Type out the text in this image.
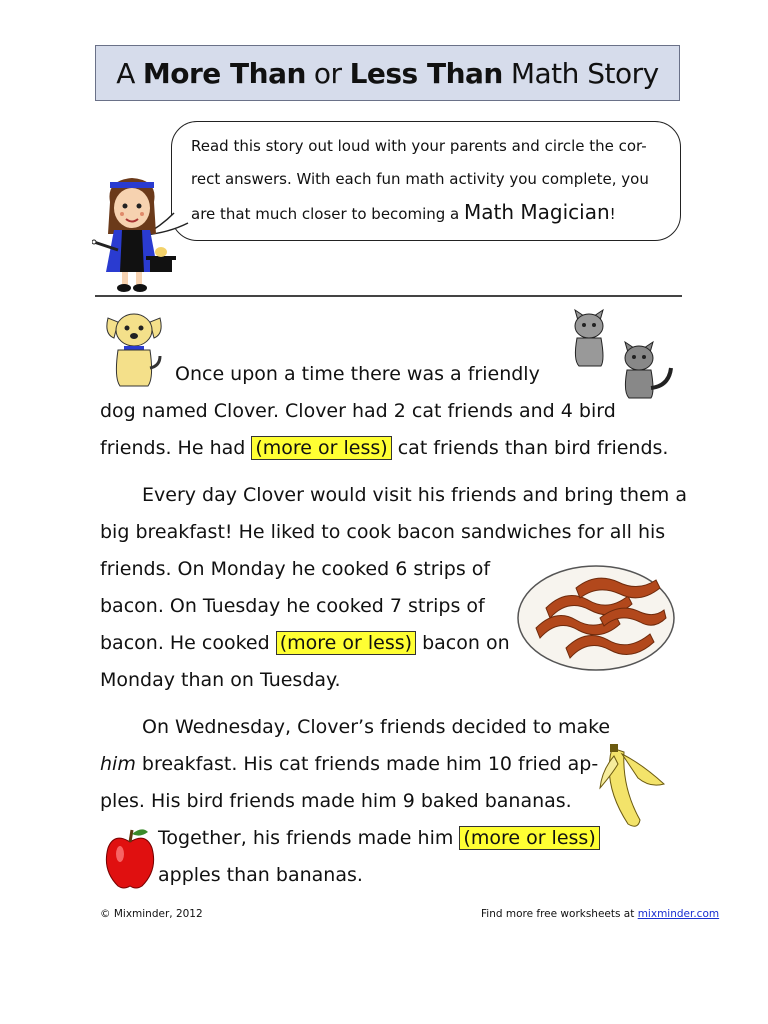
A More Than or Less Than Math Story
Read this story out loud with your parents and circle the cor-
rect answers. With each fun math activity you complete, you
are that much closer to becoming a Math Magician!
Once upon a time there was a friendly
dog named Clover. Clover had 2 cat friends and 4 bird
friends. He had (more or less) cat friends than bird friends.
Every day Clover would visit his friends and bring them a
big breakfast! He liked to cook bacon sandwiches for all his
friends. On Monday he cooked 6 strips of
bacon. On Tuesday he cooked 7 strips of
bacon. He cooked (more or less) bacon on
Monday than on Tuesday.
On Wednesday, Clover’s friends decided to make
him breakfast. His cat friends made him 10 fried ap-
ples. His bird friends made him 9 baked bananas.
Together, his friends made him (more or less)
apples than bananas.
© Mixminder, 2012	Find more free worksheets at mixminder.com
